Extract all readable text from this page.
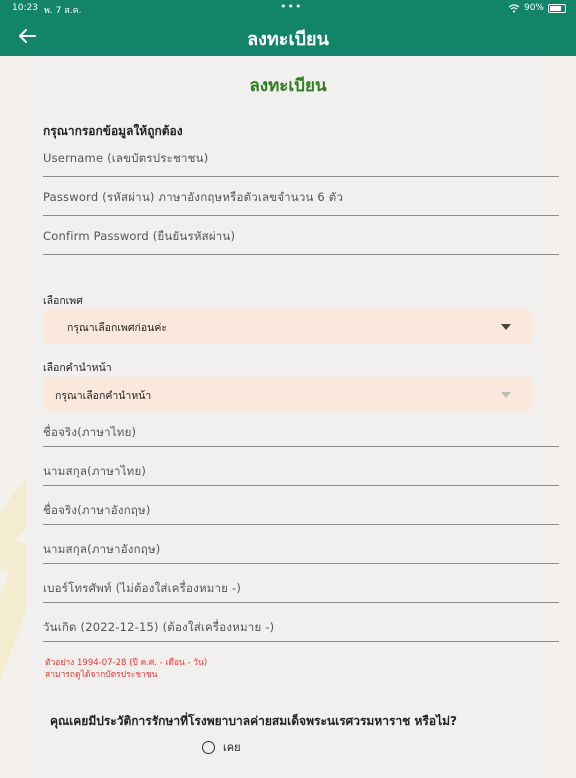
10:23 พ. 7 ส.ค.	•••	90%
ลงทะเบียน
ลงทะเบียน
กรุณากรอกข้อมูลให้ถูกต้อง
Username (เลขบัตรประชาชน)
Password (รหัสผ่าน) ภาษาอังกฤษหรือตัวเลขจำนวน 6 ตัว
Confirm Password (ยืนยันรหัสผ่าน)
เลือกเพศ
กรุณาเลือกเพศก่อนค่ะ
เลือกคำนำหน้า
กรุณาเลือกคำนำหน้า
ชื่อจริง(ภาษาไทย)
นามสกุล(ภาษาไทย)
ชื่อจริง(ภาษาอังกฤษ)
นามสกุล(ภาษาอังกฤษ)
เบอร์โทรศัพท์ (ไม่ต้องใส่เครื่องหมาย -)
วันเกิด (2022-12-15) (ต้องใส่เครื่องหมาย -)
ตัวอย่าง 1994-07-28 (ปี ค.ศ. - เดือน - วัน)
สามารถดูได้จากบัตรประชาชน
คุณเคยมีประวัติการรักษาที่โรงพยาบาลค่ายสมเด็จพระนเรศวรมหาราช หรือไม่?
เคย
